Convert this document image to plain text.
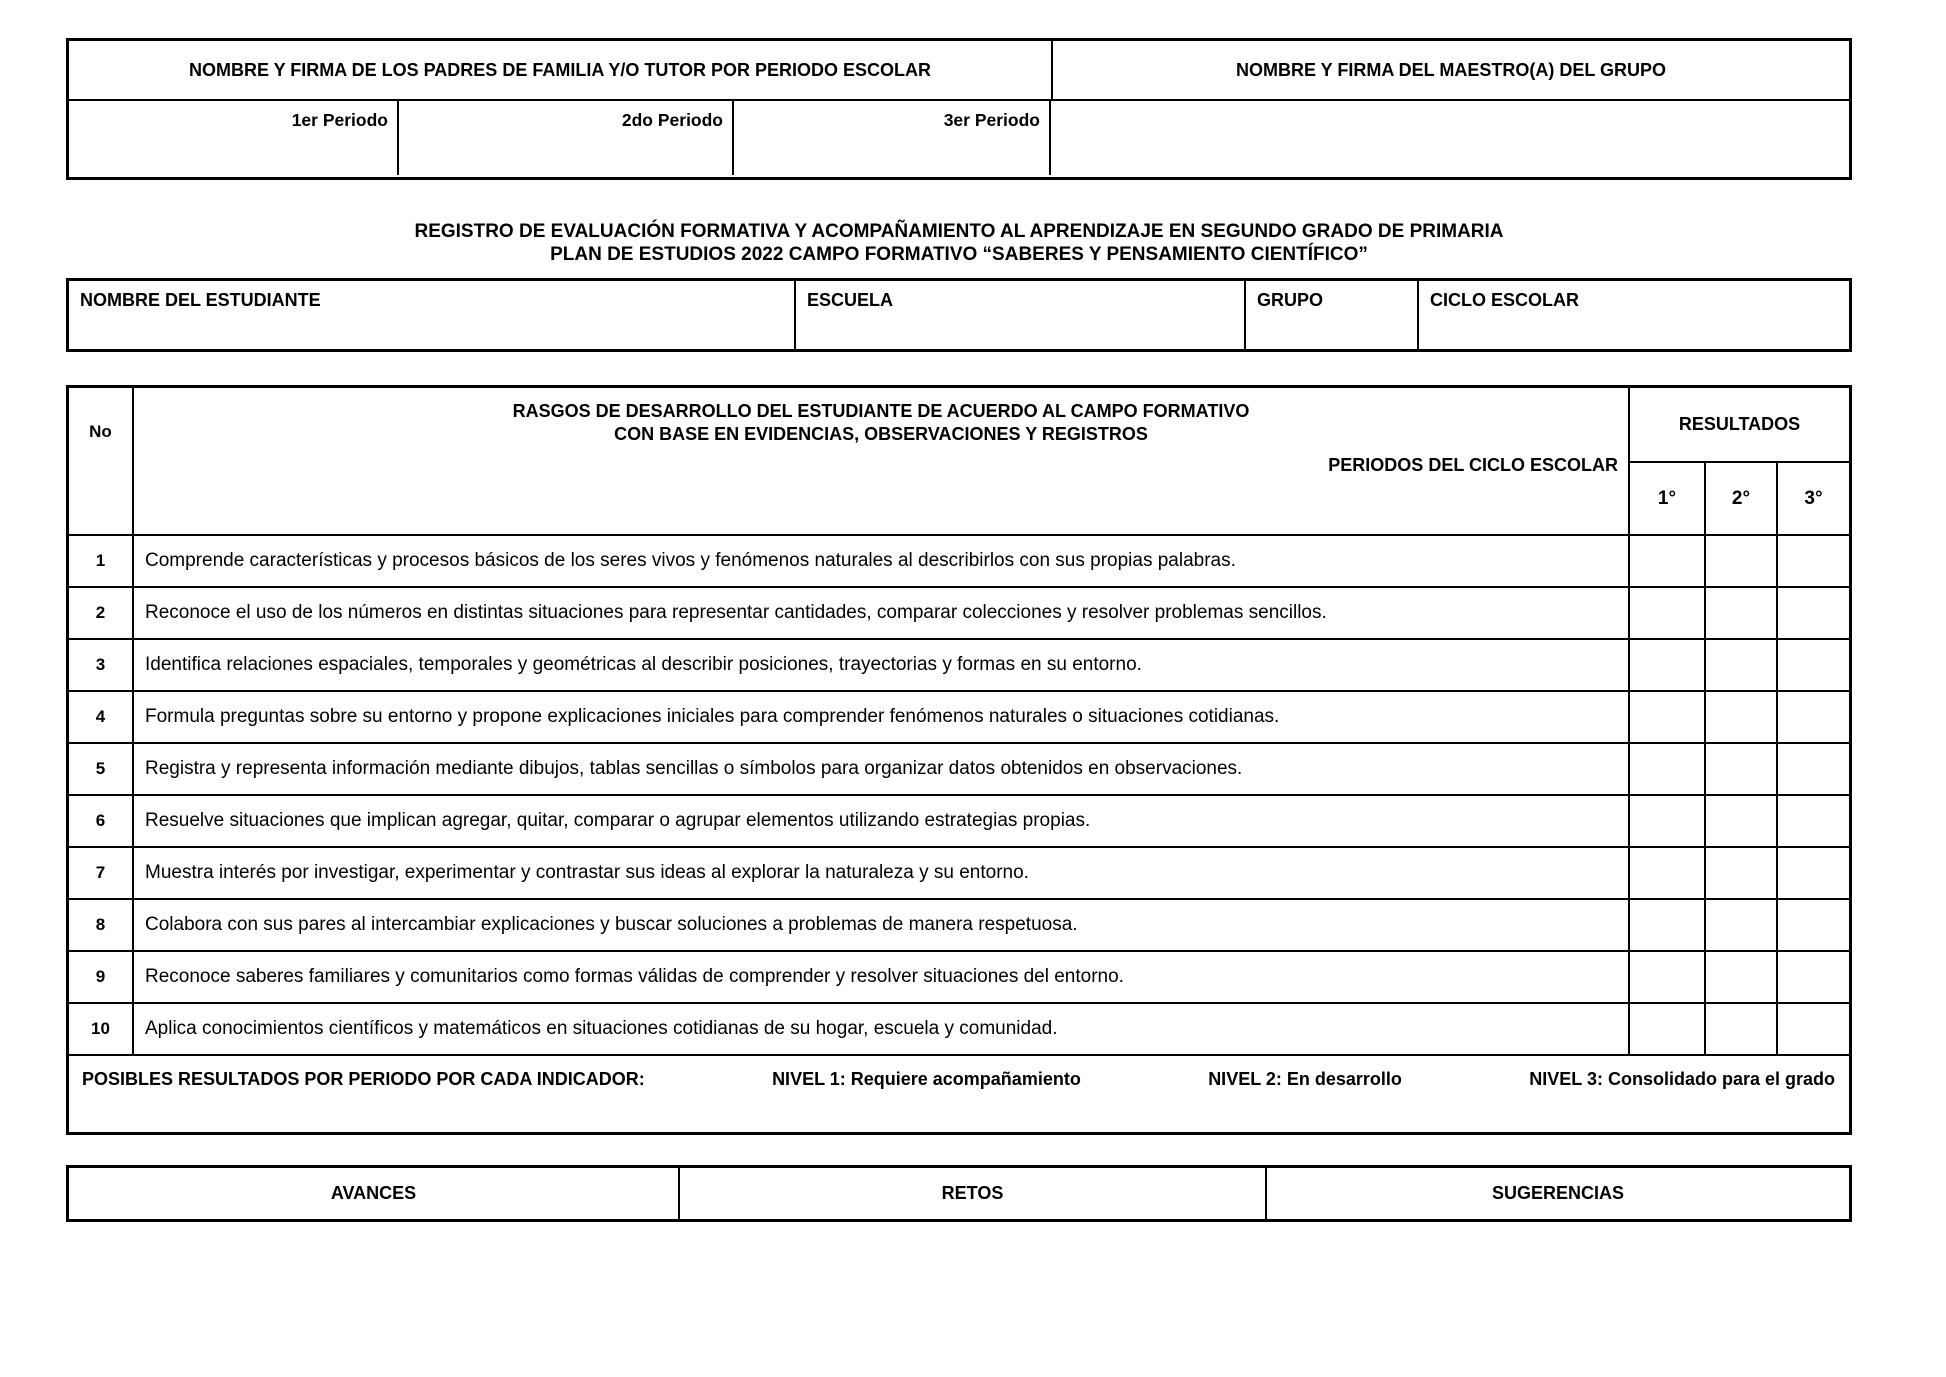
NOMBRE Y FIRMA DE LOS PADRES DE FAMILIA Y/O TUTOR POR PERIODO ESCOLAR	NOMBRE Y FIRMA DEL MAESTRO(A) DEL GRUPO
1er Periodo	2do Periodo	3er Periodo
REGISTRO DE EVALUACIÓN FORMATIVA Y ACOMPAÑAMIENTO AL APRENDIZAJE EN SEGUNDO GRADO DE PRIMARIA
PLAN DE ESTUDIOS 2022 CAMPO FORMATIVO “SABERES Y PENSAMIENTO CIENTÍFICO”
NOMBRE DEL ESTUDIANTE	ESCUELA	GRUPO	CICLO ESCOLAR
No
RASGOS DE DESARROLLO DEL ESTUDIANTE DE ACUERDO AL CAMPO FORMATIVO
CON BASE EN EVIDENCIAS, OBSERVACIONES Y REGISTROS
PERIODOS DEL CICLO ESCOLAR
RESULTADOS
1°	2°	3°
1	Comprende características y procesos básicos de los seres vivos y fenómenos naturales al describirlos con sus propias palabras.
2	Reconoce el uso de los números en distintas situaciones para representar cantidades, comparar colecciones y resolver problemas sencillos.
3	Identifica relaciones espaciales, temporales y geométricas al describir posiciones, trayectorias y formas en su entorno.
4	Formula preguntas sobre su entorno y propone explicaciones iniciales para comprender fenómenos naturales o situaciones cotidianas.
5	Registra y representa información mediante dibujos, tablas sencillas o símbolos para organizar datos obtenidos en observaciones.
6	Resuelve situaciones que implican agregar, quitar, comparar o agrupar elementos utilizando estrategias propias.
7	Muestra interés por investigar, experimentar y contrastar sus ideas al explorar la naturaleza y su entorno.
8	Colabora con sus pares al intercambiar explicaciones y buscar soluciones a problemas de manera respetuosa.
9	Reconoce saberes familiares y comunitarios como formas válidas de comprender y resolver situaciones del entorno.
10	Aplica conocimientos científicos y matemáticos en situaciones cotidianas de su hogar, escuela y comunidad.
POSIBLES RESULTADOS POR PERIODO POR CADA INDICADOR:	NIVEL 1: Requiere acompañamiento	NIVEL 2: En desarrollo	NIVEL 3: Consolidado para el grado
AVANCES	RETOS	SUGERENCIAS
